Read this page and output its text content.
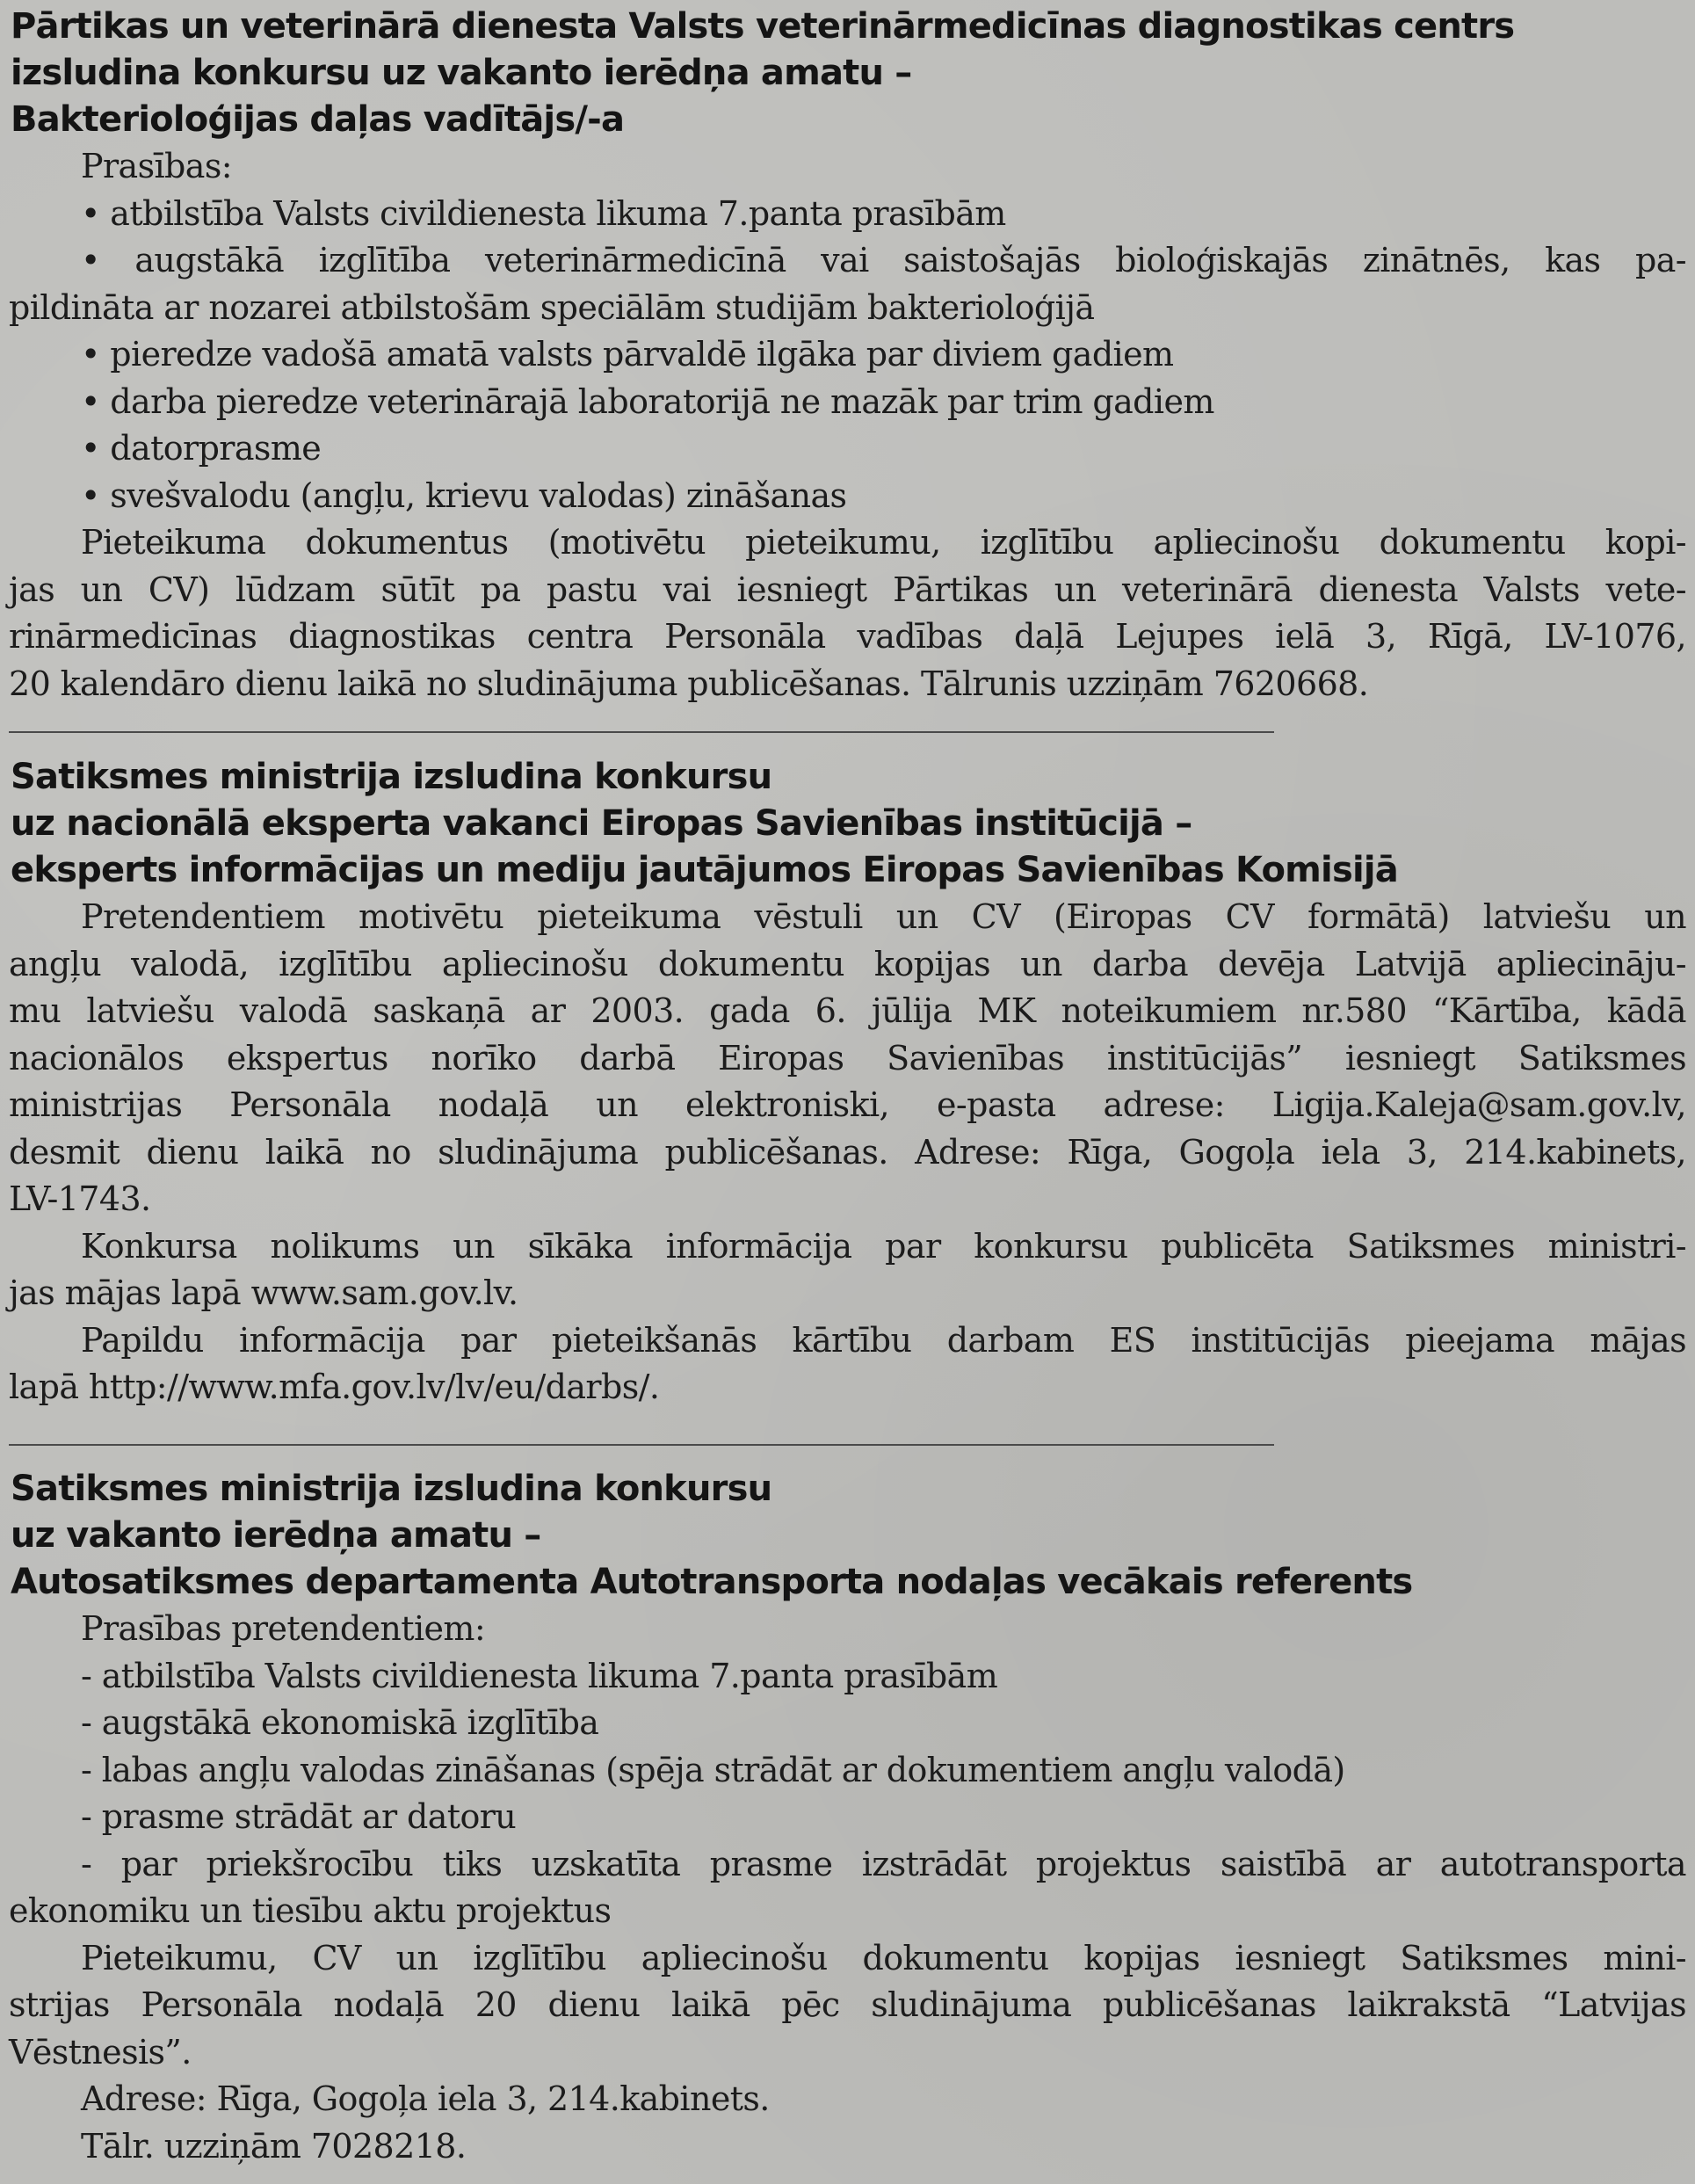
Pārtikas un veterinārā dienesta Valsts veterinārmedicīnas diagnostikas centrs
izsludina konkursu uz vakanto ierēdņa amatu –
Bakterioloģijas daļas vadītājs/-a
Prasības:
• atbilstība Valsts civildienesta likuma 7.panta prasībām
• augstākā izglītība veterinārmedicīnā vai saistošajās bioloģiskajās zinātnēs, kas pa-
pildināta ar nozarei atbilstošām speciālām studijām bakterioloģijā
• pieredze vadošā amatā valsts pārvaldē ilgāka par diviem gadiem
• darba pieredze veterinārajā laboratorijā ne mazāk par trim gadiem
• datorprasme
• svešvalodu (angļu, krievu valodas) zināšanas
Pieteikuma dokumentus (motivētu pieteikumu, izglītību apliecinošu dokumentu kopi-
jas un CV) lūdzam sūtīt pa pastu vai iesniegt Pārtikas un veterinārā dienesta Valsts vete-
rinārmedicīnas diagnostikas centra Personāla vadības daļā Lejupes ielā 3, Rīgā, LV-1076,
20 kalendāro dienu laikā no sludinājuma publicēšanas. Tālrunis uzziņām 7620668.
Satiksmes ministrija izsludina konkursu
uz nacionālā eksperta vakanci Eiropas Savienības institūcijā –
eksperts informācijas un mediju jautājumos Eiropas Savienības Komisijā
Pretendentiem motivētu pieteikuma vēstuli un CV (Eiropas CV formātā) latviešu un
angļu valodā, izglītību apliecinošu dokumentu kopijas un darba devēja Latvijā apliecināju-
mu latviešu valodā saskaņā ar 2003. gada 6. jūlija MK noteikumiem nr.580 “Kārtība, kādā
nacionālos ekspertus norīko darbā Eiropas Savienības institūcijās” iesniegt Satiksmes
ministrijas Personāla nodaļā un elektroniski, e-pasta adrese: Ligija.Kaleja@sam.gov.lv,
desmit dienu laikā no sludinājuma publicēšanas. Adrese: Rīga, Gogoļa iela 3, 214.kabinets,
LV-1743.
Konkursa nolikums un sīkāka informācija par konkursu publicēta Satiksmes ministri-
jas mājas lapā www.sam.gov.lv.
Papildu informācija par pieteikšanās kārtību darbam ES institūcijās pieejama mājas
lapā http://www.mfa.gov.lv/lv/eu/darbs/.
Satiksmes ministrija izsludina konkursu
uz vakanto ierēdņa amatu –
Autosatiksmes departamenta Autotransporta nodaļas vecākais referents
Prasības pretendentiem:
- atbilstība Valsts civildienesta likuma 7.panta prasībām
- augstākā ekonomiskā izglītība
- labas angļu valodas zināšanas (spēja strādāt ar dokumentiem angļu valodā)
- prasme strādāt ar datoru
- par priekšrocību tiks uzskatīta prasme izstrādāt projektus saistībā ar autotransporta
ekonomiku un tiesību aktu projektus
Pieteikumu, CV un izglītību apliecinošu dokumentu kopijas iesniegt Satiksmes mini-
strijas Personāla nodaļā 20 dienu laikā pēc sludinājuma publicēšanas laikrakstā “Latvijas
Vēstnesis”.
Adrese: Rīga, Gogoļa iela 3, 214.kabinets.
Tālr. uzziņām 7028218.
